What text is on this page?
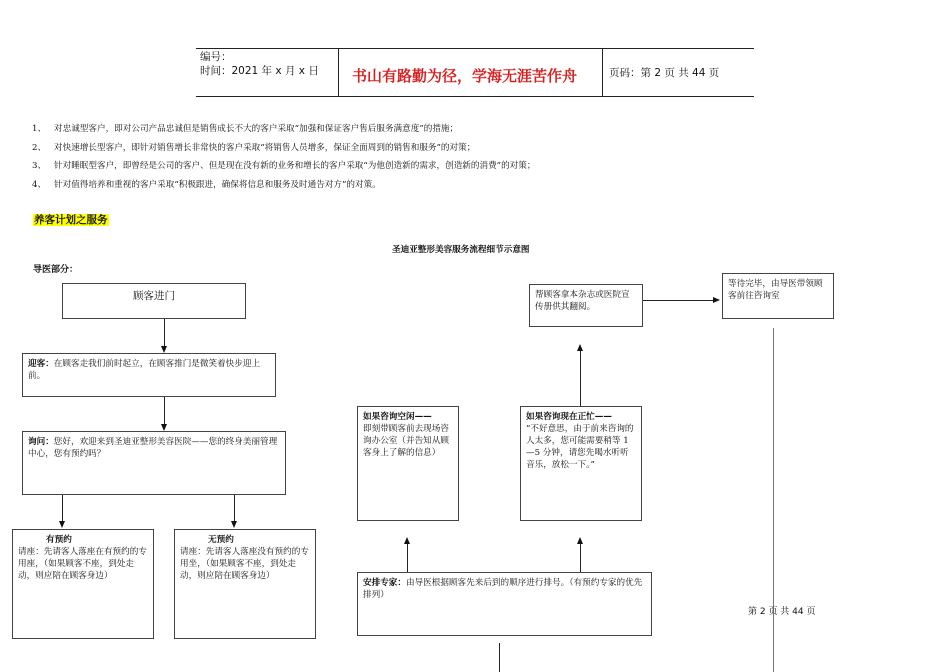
编号：
时间：2021 年 x 月 x 日 书山有路勤为径，学海无涯苦作舟	页码：第 2 页 共 44 页
1、 对忠诚型客户，即对公司产品忠诚但是销售成长不大的客户采取“加强和保证客户售后服务满意度”的措施；
2、 对快速增长型客户，即针对销售增长非常快的客户采取“将销售人员增多，保证全面周到的销售和服务”的对策；
3、 针对睡眠型客户，即曾经是公司的客户、但是现在没有新的业务和增长的客户采取“为他创造新的需求，创造新的消费”的对策；
4、 针对值得培养和重视的客户采取“积极跟进，确保将信息和服务及时通告对方”的对策。
养客计划之服务
圣迪亚整形美容服务流程细节示意图
导医部分：
顾客进门
迎客：在顾客走我们前时起立，在顾客推门是微笑着快步迎上前。
询问：您好，欢迎来到圣迪亚整形美容医院——您的终身美丽管理中心，您有预约吗？
有预约
请座：先请客人落座在有预约的专用座，（如果顾客不座，到处走动，则应陪在顾客身边）
无预约
请座：先请客人落座没有预约的专用坐，（如果顾客不座，到处走动，则应陪在顾客身边）
安排专家：由导医根据顾客先来后到的顺序进行排号。（有预约专家的优先排列）
如果咨询空闲——
即刻带顾客前去现场咨询办公室（并告知从顾客身上了解的信息）
如果咨询现在正忙——
“不好意思，由于前来咨询的人太多，您可能需要稍等 1—5 分钟，请您先喝水听听音乐，放松一下。”
帮顾客拿本杂志或医院宣传册供其翻阅。
等待完毕，由导医带领顾客前往咨询室
第 2 页 共 44 页
